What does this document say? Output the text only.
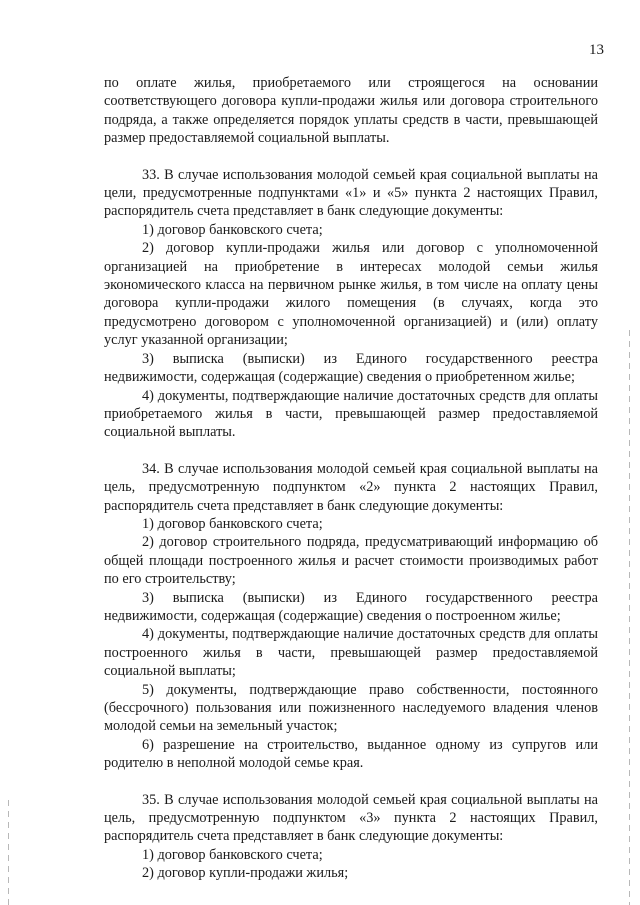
13

по оплате жилья, приобретаемого или строящегося на основании соответствующего договора купли-продажи жилья или договора строительного подряда, а также определяется порядок уплаты средств в части, превышающей размер предоставляемой социальной выплаты.

33. В случае использования молодой семьей края социальной выплаты на цели, предусмотренные подпунктами «1» и «5» пункта 2 настоящих Правил, распорядитель счета представляет в банк следующие документы:

1) договор банковского счета;

2) договор купли-продажи жилья или договор с уполномоченной организацией на приобретение в интересах молодой семьи жилья экономического класса на первичном рынке жилья, в том числе на оплату цены договора купли-продажи жилого помещения (в случаях, когда это предусмотрено договором с уполномоченной организацией) и (или) оплату услуг указанной организации;

3) выписка (выписки) из Единого государственного реестра недвижимости, содержащая (содержащие) сведения о приобретенном жилье;

4) документы, подтверждающие наличие достаточных средств для оплаты приобретаемого жилья в части, превышающей размер предоставляемой социальной выплаты.

34. В случае использования молодой семьей края социальной выплаты на цель, предусмотренную подпунктом «2» пункта 2 настоящих Правил, распорядитель счета представляет в банк следующие документы:

1) договор банковского счета;

2) договор строительного подряда, предусматривающий информацию об общей площади построенного жилья и расчет стоимости производимых работ по его строительству;

3) выписка (выписки) из Единого государственного реестра недвижимости, содержащая (содержащие) сведения о построенном жилье;

4) документы, подтверждающие наличие достаточных средств для оплаты построенного жилья в части, превышающей размер предоставляемой социальной выплаты;

5) документы, подтверждающие право собственности, постоянного (бессрочного) пользования или пожизненного наследуемого владения членов молодой семьи на земельный участок;

6) разрешение на строительство, выданное одному из супругов или родителю в неполной молодой семье края.

35. В случае использования молодой семьей края социальной выплаты на цель, предусмотренную подпунктом «3» пункта 2 настоящих Правил, распорядитель счета представляет в банк следующие документы:

1) договор банковского счета;

2) договор купли-продажи жилья;
